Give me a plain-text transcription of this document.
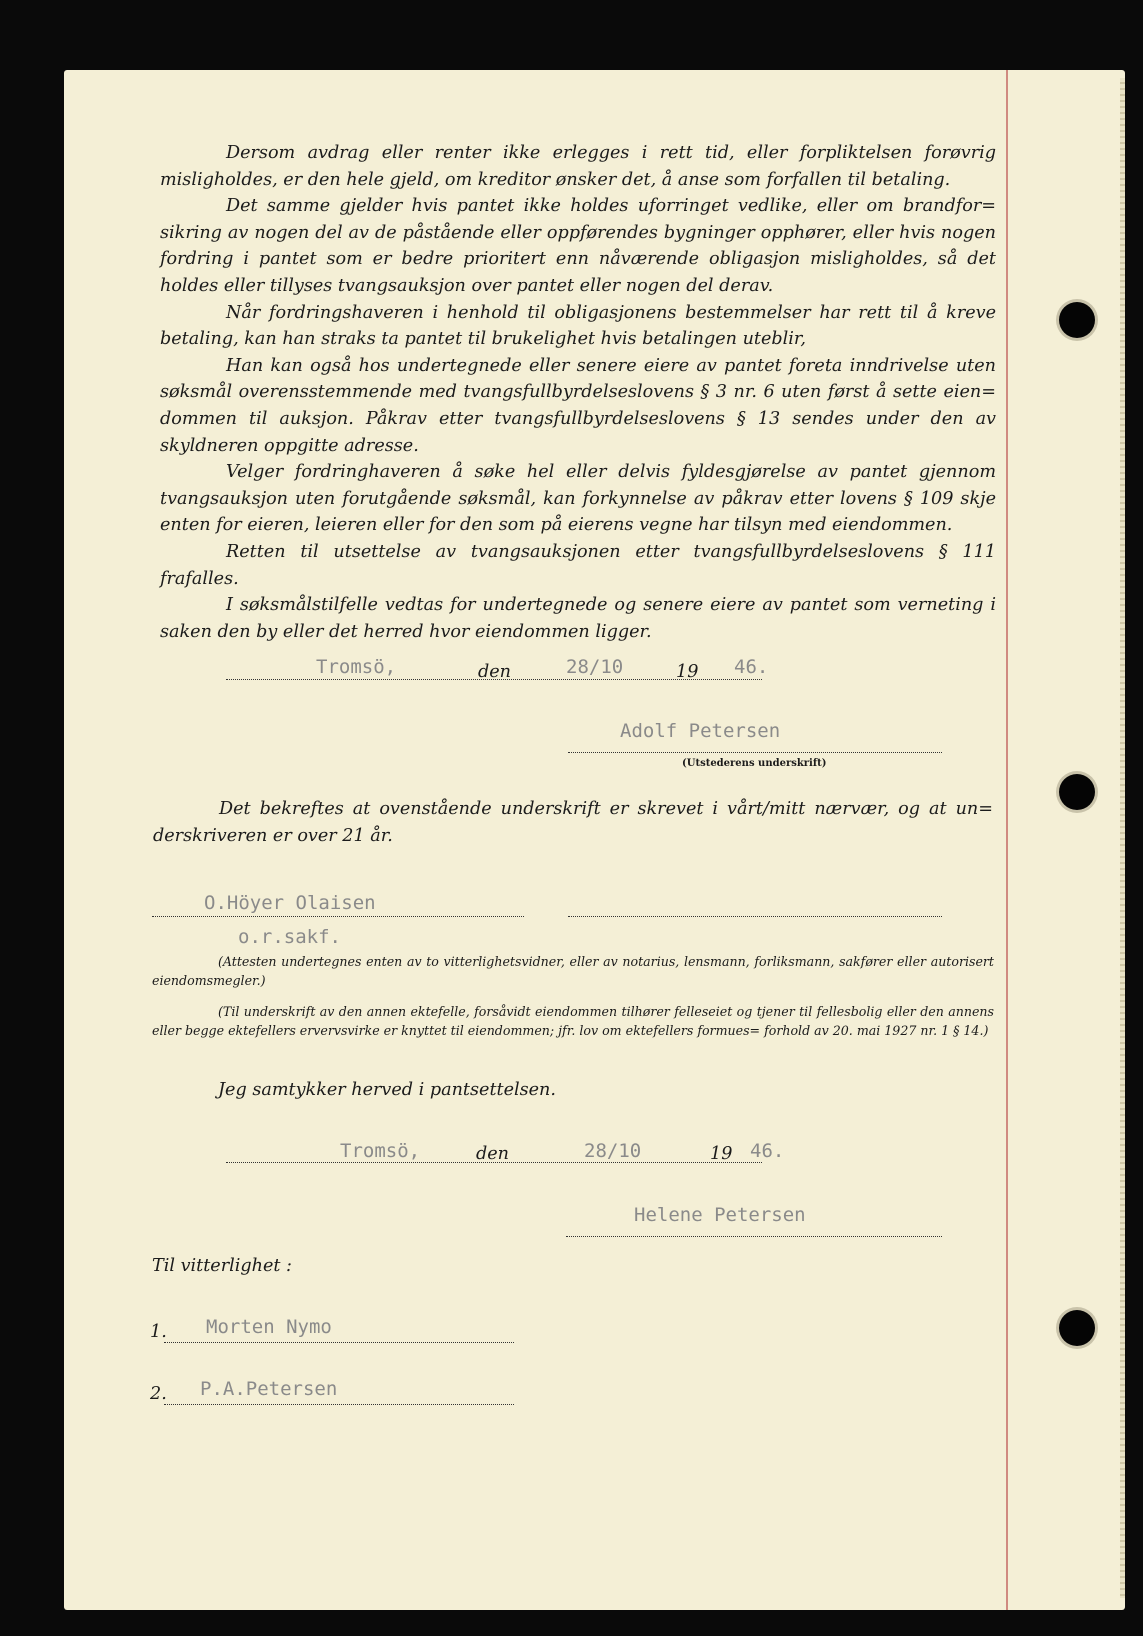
Dersom avdrag eller renter ikke erlegges i rett tid, eller forpliktelsen forøvrig misligholdes, er den hele gjeld, om kreditor ønsker det, å anse som forfallen til betaling.

Det samme gjelder hvis pantet ikke holdes uforringet vedlike, eller om brandfor= sikring av nogen del av de påstående eller oppførendes bygninger opphører, eller hvis nogen fordring i pantet som er bedre prioritert enn nåværende obligasjon misligholdes, så det holdes eller tillyses tvangsauksjon over pantet eller nogen del derav.

Når fordringshaveren i henhold til obligasjonens bestemmelser har rett til å kreve betaling, kan han straks ta pantet til brukelighet hvis betalingen uteblir,

Han kan også hos undertegnede eller senere eiere av pantet foreta inndrivelse uten søksmål overensstemmende med tvangsfullbyrdelseslovens § 3 nr. 6 uten først å sette eien= dommen til auksjon. Påkrav etter tvangsfullbyrdelseslovens § 13 sendes under den av skyldneren oppgitte adresse.

Velger fordringhaveren å søke hel eller delvis fyldesgjørelse av pantet gjennom tvangsauksjon uten forutgående søksmål, kan forkynnelse av påkrav etter lovens § 109 skje enten for eieren, leieren eller for den som på eierens vegne har tilsyn med eiendommen.

Retten til utsettelse av tvangsauksjonen etter tvangsfullbyrdelseslovens § 111 frafalles.

I søksmålstilfelle vedtas for undertegnede og senere eiere av pantet som verneting i saken den by eller det herred hvor eiendommen ligger.

Tromsö,	den	28/10	19 46.
Adolf Petersen
(Utstederens underskrift)
Det bekreftes at ovenstående underskrift er skrevet i vårt/mitt nærvær, og at un= derskriveren er over 21 år.
O.Höyer Olaisen
o.r.sakf.
(Attesten undertegnes enten av to vitterlighetsvidner, eller av notarius, lensmann, forliksmann, sakfører eller autorisert eiendomsmegler.)
(Til underskrift av den annen ektefelle, forsåvidt eiendommen tilhører felleseiet og tjener til fellesbolig eller den annens eller begge ektefellers ervervsvirke er knyttet til eiendommen; jfr. lov om ektefellers formues= forhold av 20. mai 1927 nr. 1 § 14.)
Jeg samtykker herved i pantsettelsen.
Tromsö,	den	28/10	19 46.
Helene Petersen
Til vitterlighet :
1. Morten Nymo
2. P.A.Petersen
